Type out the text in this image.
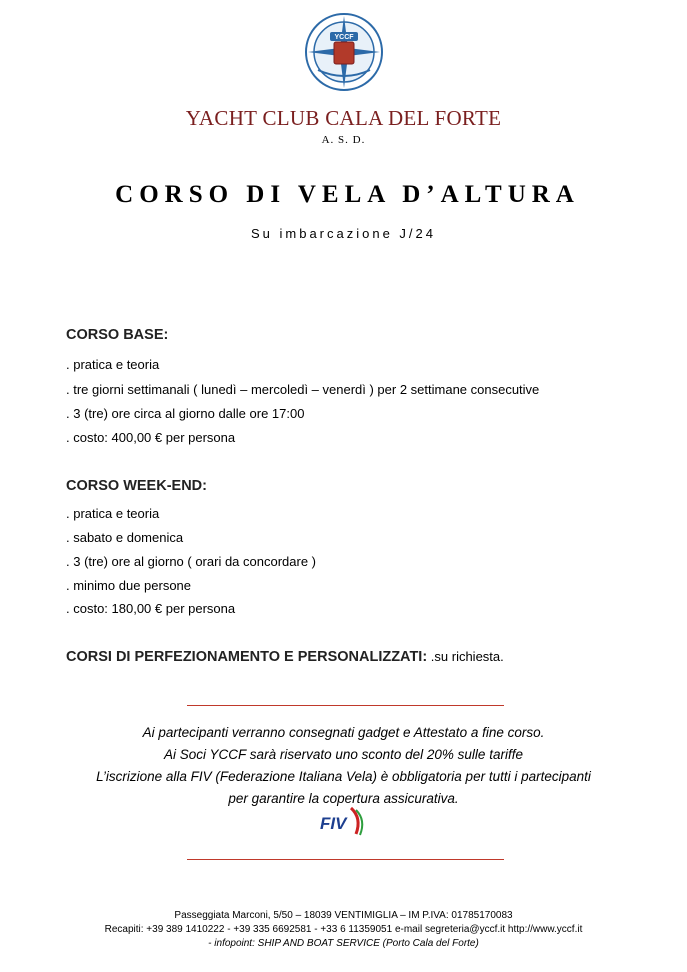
YCCF
YACHT CLUB CALA DEL FORTE
A. S. D.
CORSO DI VELA D’ALTURA
Su imbarcazione J/24
CORSO BASE:
. pratica e teoria
. tre giorni settimanali ( lunedì – mercoledì – venerdì ) per 2 settimane consecutive
. 3 (tre) ore circa al giorno dalle ore 17:00
. costo: 400,00 € per persona
CORSO WEEK-END:
. pratica e teoria
. sabato e domenica
. 3 (tre) ore al giorno ( orari da concordare )
. minimo due persone
. costo: 180,00 € per persona
CORSI DI PERFEZIONAMENTO E PERSONALIZZATI: .su richiesta.
Ai partecipanti verranno consegnati gadget e Attestato a fine corso.
Ai Soci YCCF sarà riservato uno sconto del 20% sulle tariffe
L’iscrizione alla FIV (Federazione Italiana Vela) è obbligatoria per tutti i partecipanti
per garantire la copertura assicurativa.
FIV
Passeggiata Marconi, 5/50 – 18039 VENTIMIGLIA – IM P.IVA: 01785170083
Recapiti: +39 389 1410222 - +39 335 6692581 - +33 6 11359051 e-mail segreteria@yccf.it http://www.yccf.it
- infopoint: SHIP AND BOAT SERVICE (Porto Cala del Forte)
